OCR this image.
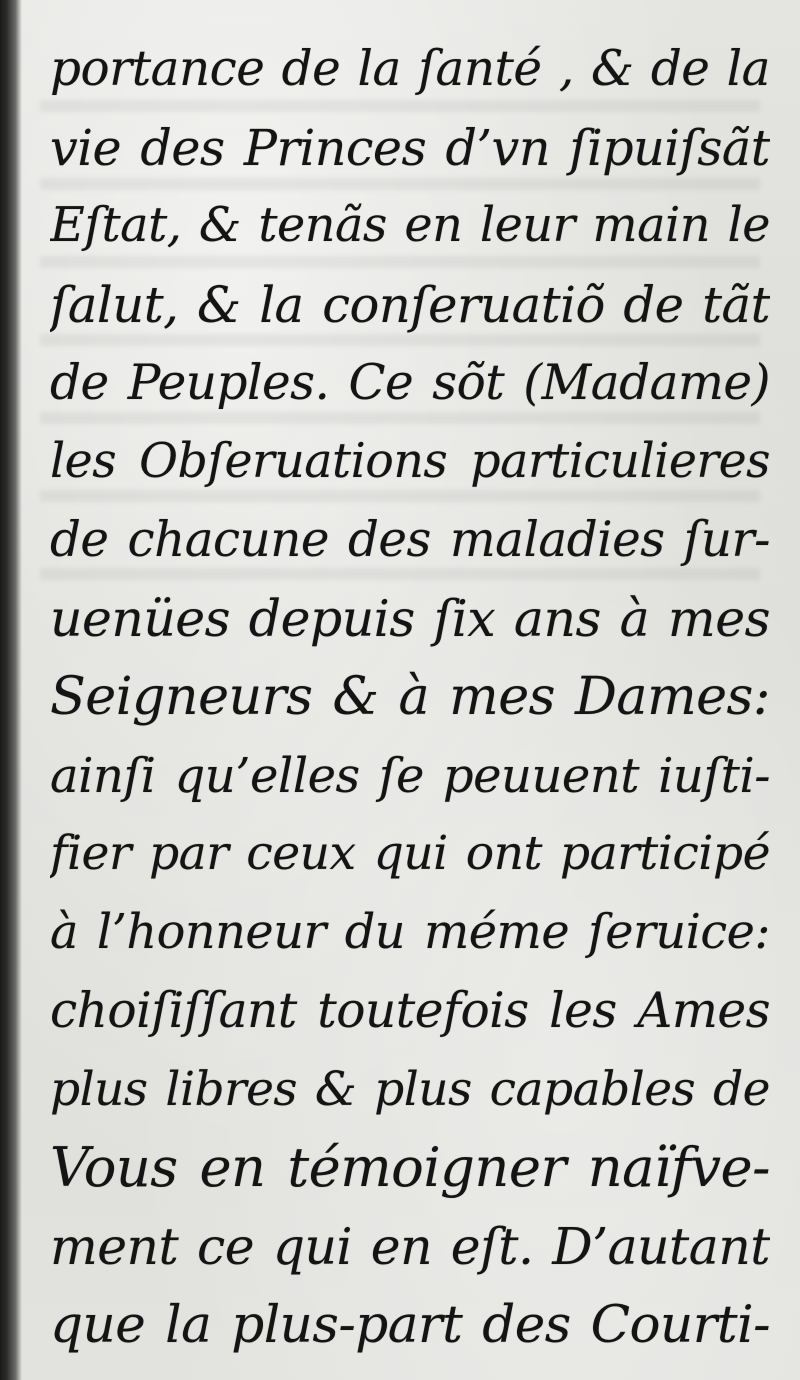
portance de la ſanté , & de la
vie des Princes d’vn ſipuiſsãt
Eſtat, & tenãs en leur main le
ſalut, & la conſeruatiõ de tãt
de Peuples. Ce sõt (Madame)
les Obſeruations particulieres
de chacune des maladies ſur-
uenües depuis ſix ans à mes
Seigneurs & à mes Dames:
ainſi qu’elles ſe peuuent iuſti-
fier par ceux qui ont participé
à l’honneur du méme ſeruice:
choiſiſſant toutefois les Ames
plus libres & plus capables de
Vous en témoigner naïfve-
ment ce qui en eſt. D’autant
que la plus-part des Courti-
